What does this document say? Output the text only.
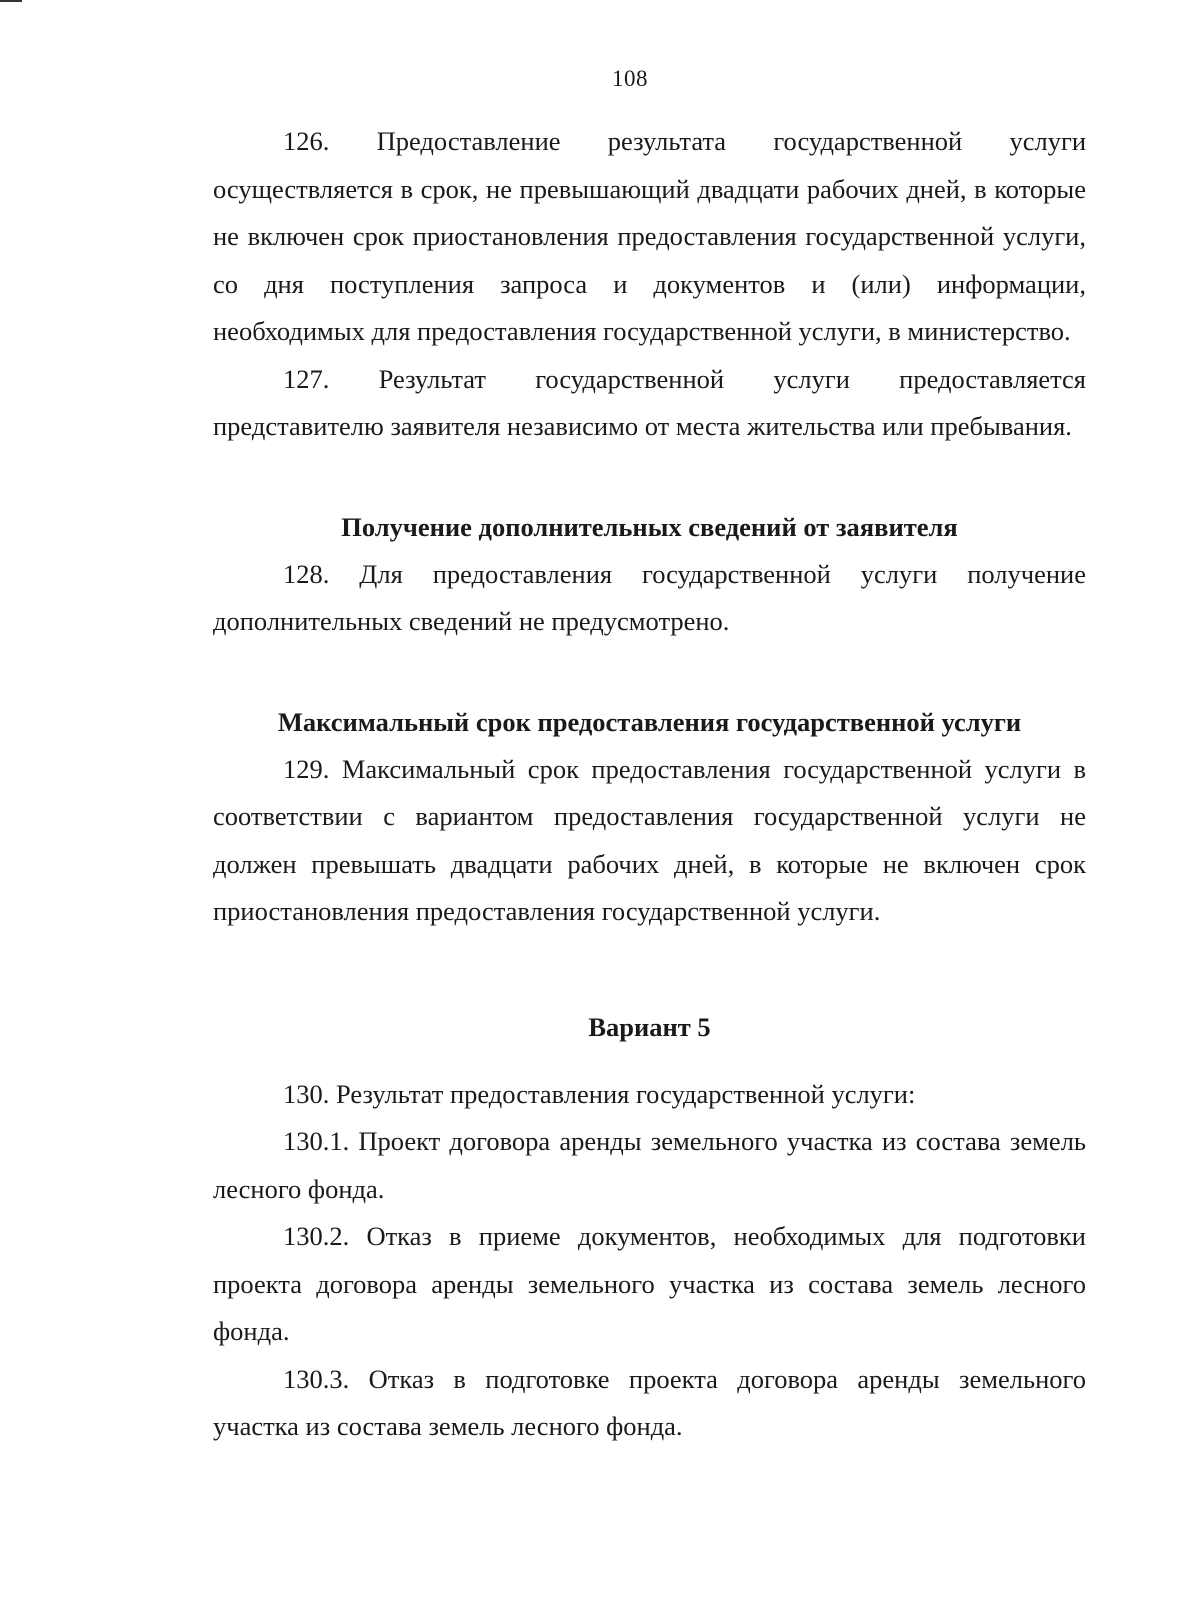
108

126. Предоставление результата государственной услуги осуществляется в срок, не превышающий двадцати рабочих дней, в которые не включен срок приостановления предоставления государственной услуги, со дня поступления запроса и документов и (или) информации, необходимых для предоставления государственной услуги, в министерство.

127. Результат государственной услуги предоставляется представителю заявителя независимо от места жительства или пребывания.

Получение дополнительных сведений от заявителя

128. Для предоставления государственной услуги получение дополнительных сведений не предусмотрено.

Максимальный срок предоставления государственной услуги

129. Максимальный срок предоставления государственной услуги в соответствии с вариантом предоставления государственной услуги не должен превышать двадцати рабочих дней, в которые не включен срок приостановления предоставления государственной услуги.

Вариант 5

130. Результат предоставления государственной услуги:

130.1. Проект договора аренды земельного участка из состава земель лесного фонда.

130.2. Отказ в приеме документов, необходимых для подготовки проекта договора аренды земельного участка из состава земель лесного фонда.

130.3. Отказ в подготовке проекта договора аренды земельного участка из состава земель лесного фонда.
